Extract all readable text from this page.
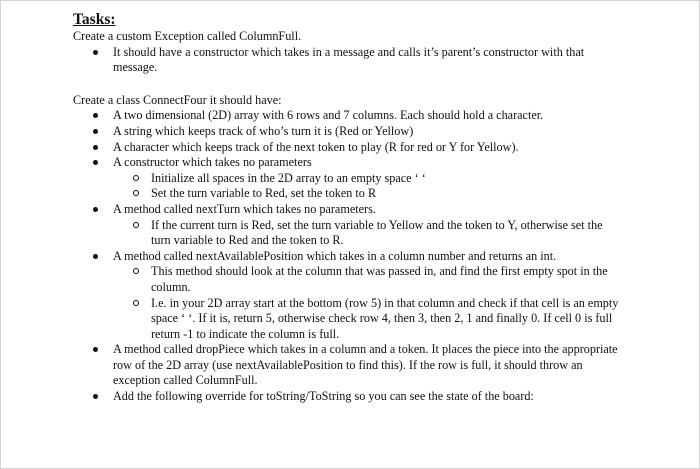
Tasks:

Create a custom Exception called ColumnFull.

It should have a constructor which takes in a message and calls it’s parent’s constructor with that message.

Create a class ConnectFour it should have:

A two dimensional (2D) array with 6 rows and 7 columns. Each should hold a character.
A string which keeps track of who’s turn it is (Red or Yellow)
A character which keeps track of the next token to play (R for red or Y for Yellow).
A constructor which takes no parameters
Initialize all spaces in the 2D array to an empty space ‘ ‘
Set the turn variable to Red, set the token to R
A method called nextTurn which takes no parameters.
If the current turn is Red, set the turn variable to Yellow and the token to Y, otherwise set the turn variable to Red and the token to R.
A method called nextAvailablePosition which takes in a column number and returns an int.
This method should look at the column that was passed in, and find the first empty spot in the column.
I.e. in your 2D array start at the bottom (row 5) in that column and check if that cell is an empty space ‘ ‘. If it is, return 5, otherwise check row 4, then 3, then 2, 1 and finally 0. If cell 0 is full return -1 to indicate the column is full.
A method called dropPiece which takes in a column and a token. It places the piece into the appropriate row of the 2D array (use nextAvailablePosition to find this). If the row is full, it should throw an exception called ColumnFull.
Add the following override for toString/ToString so you can see the state of the board:
